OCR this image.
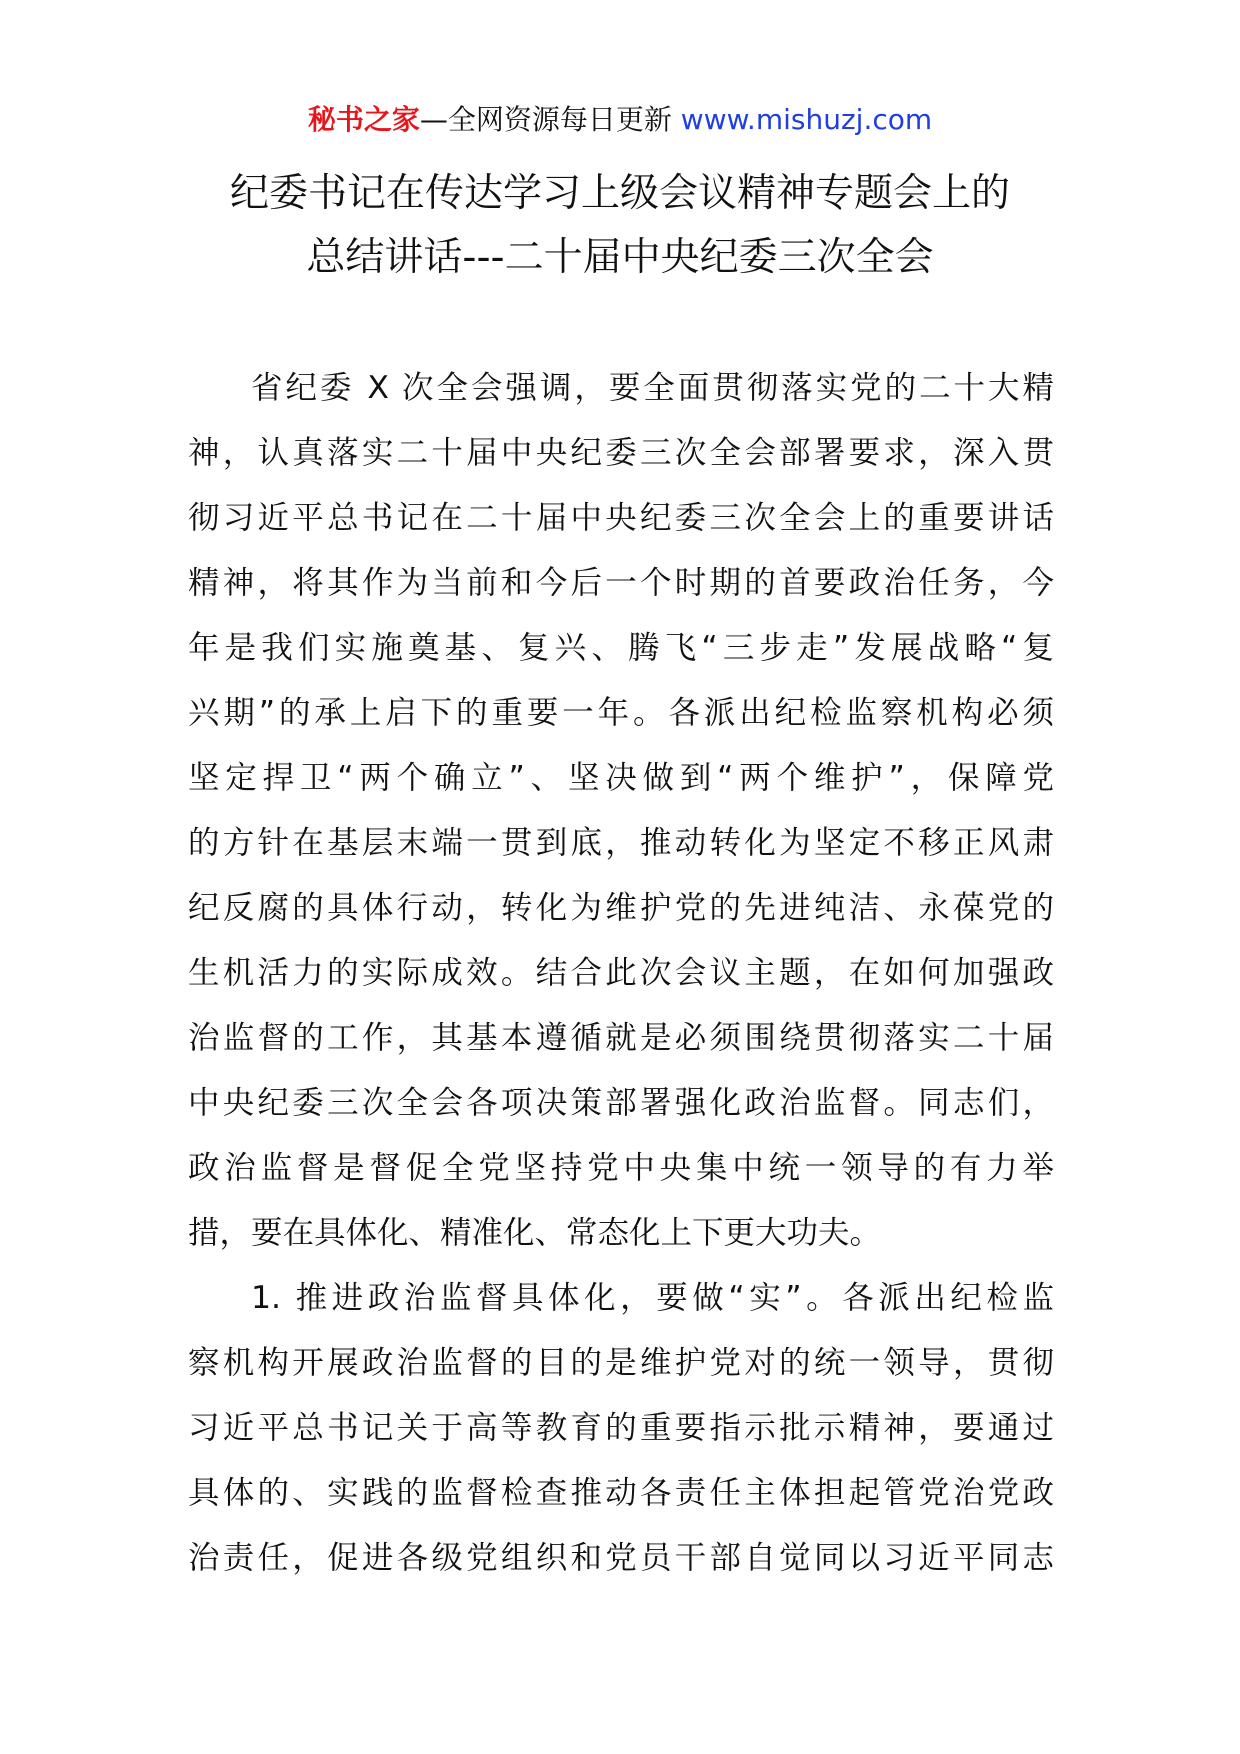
秘书之家—全网资源每日更新 www.mishuzj.com
纪委书记在传达学习上级会议精神专题会上的
总结讲话---二十届中央纪委三次全会
省纪委 X 次全会强调，要全面贯彻落实党的二十大精
神，认真落实二十届中央纪委三次全会部署要求，深入贯
彻习近平总书记在二十届中央纪委三次全会上的重要讲话
精神，将其作为当前和今后一个时期的首要政治任务，今
年是我们实施奠基、复兴、腾飞“三步走”发展战略“复
兴期”的承上启下的重要一年。各派出纪检监察机构必须
坚定捍卫“两个确立”、坚决做到“两个维护”，保障党
的方针在基层末端一贯到底，推动转化为坚定不移正风肃
纪反腐的具体行动，转化为维护党的先进纯洁、永葆党的
生机活力的实际成效。结合此次会议主题，在如何加强政
治监督的工作，其基本遵循就是必须围绕贯彻落实二十届
中央纪委三次全会各项决策部署强化政治监督。同志们，
政治监督是督促全党坚持党中央集中统一领导的有力举
措，要在具体化、精准化、常态化上下更大功夫。
1. 推进政治监督具体化，要做“实”。各派出纪检监
察机构开展政治监督的目的是维护党对的统一领导，贯彻
习近平总书记关于高等教育的重要指示批示精神，要通过
具体的、实践的监督检查推动各责任主体担起管党治党政
治责任，促进各级党组织和党员干部自觉同以习近平同志
